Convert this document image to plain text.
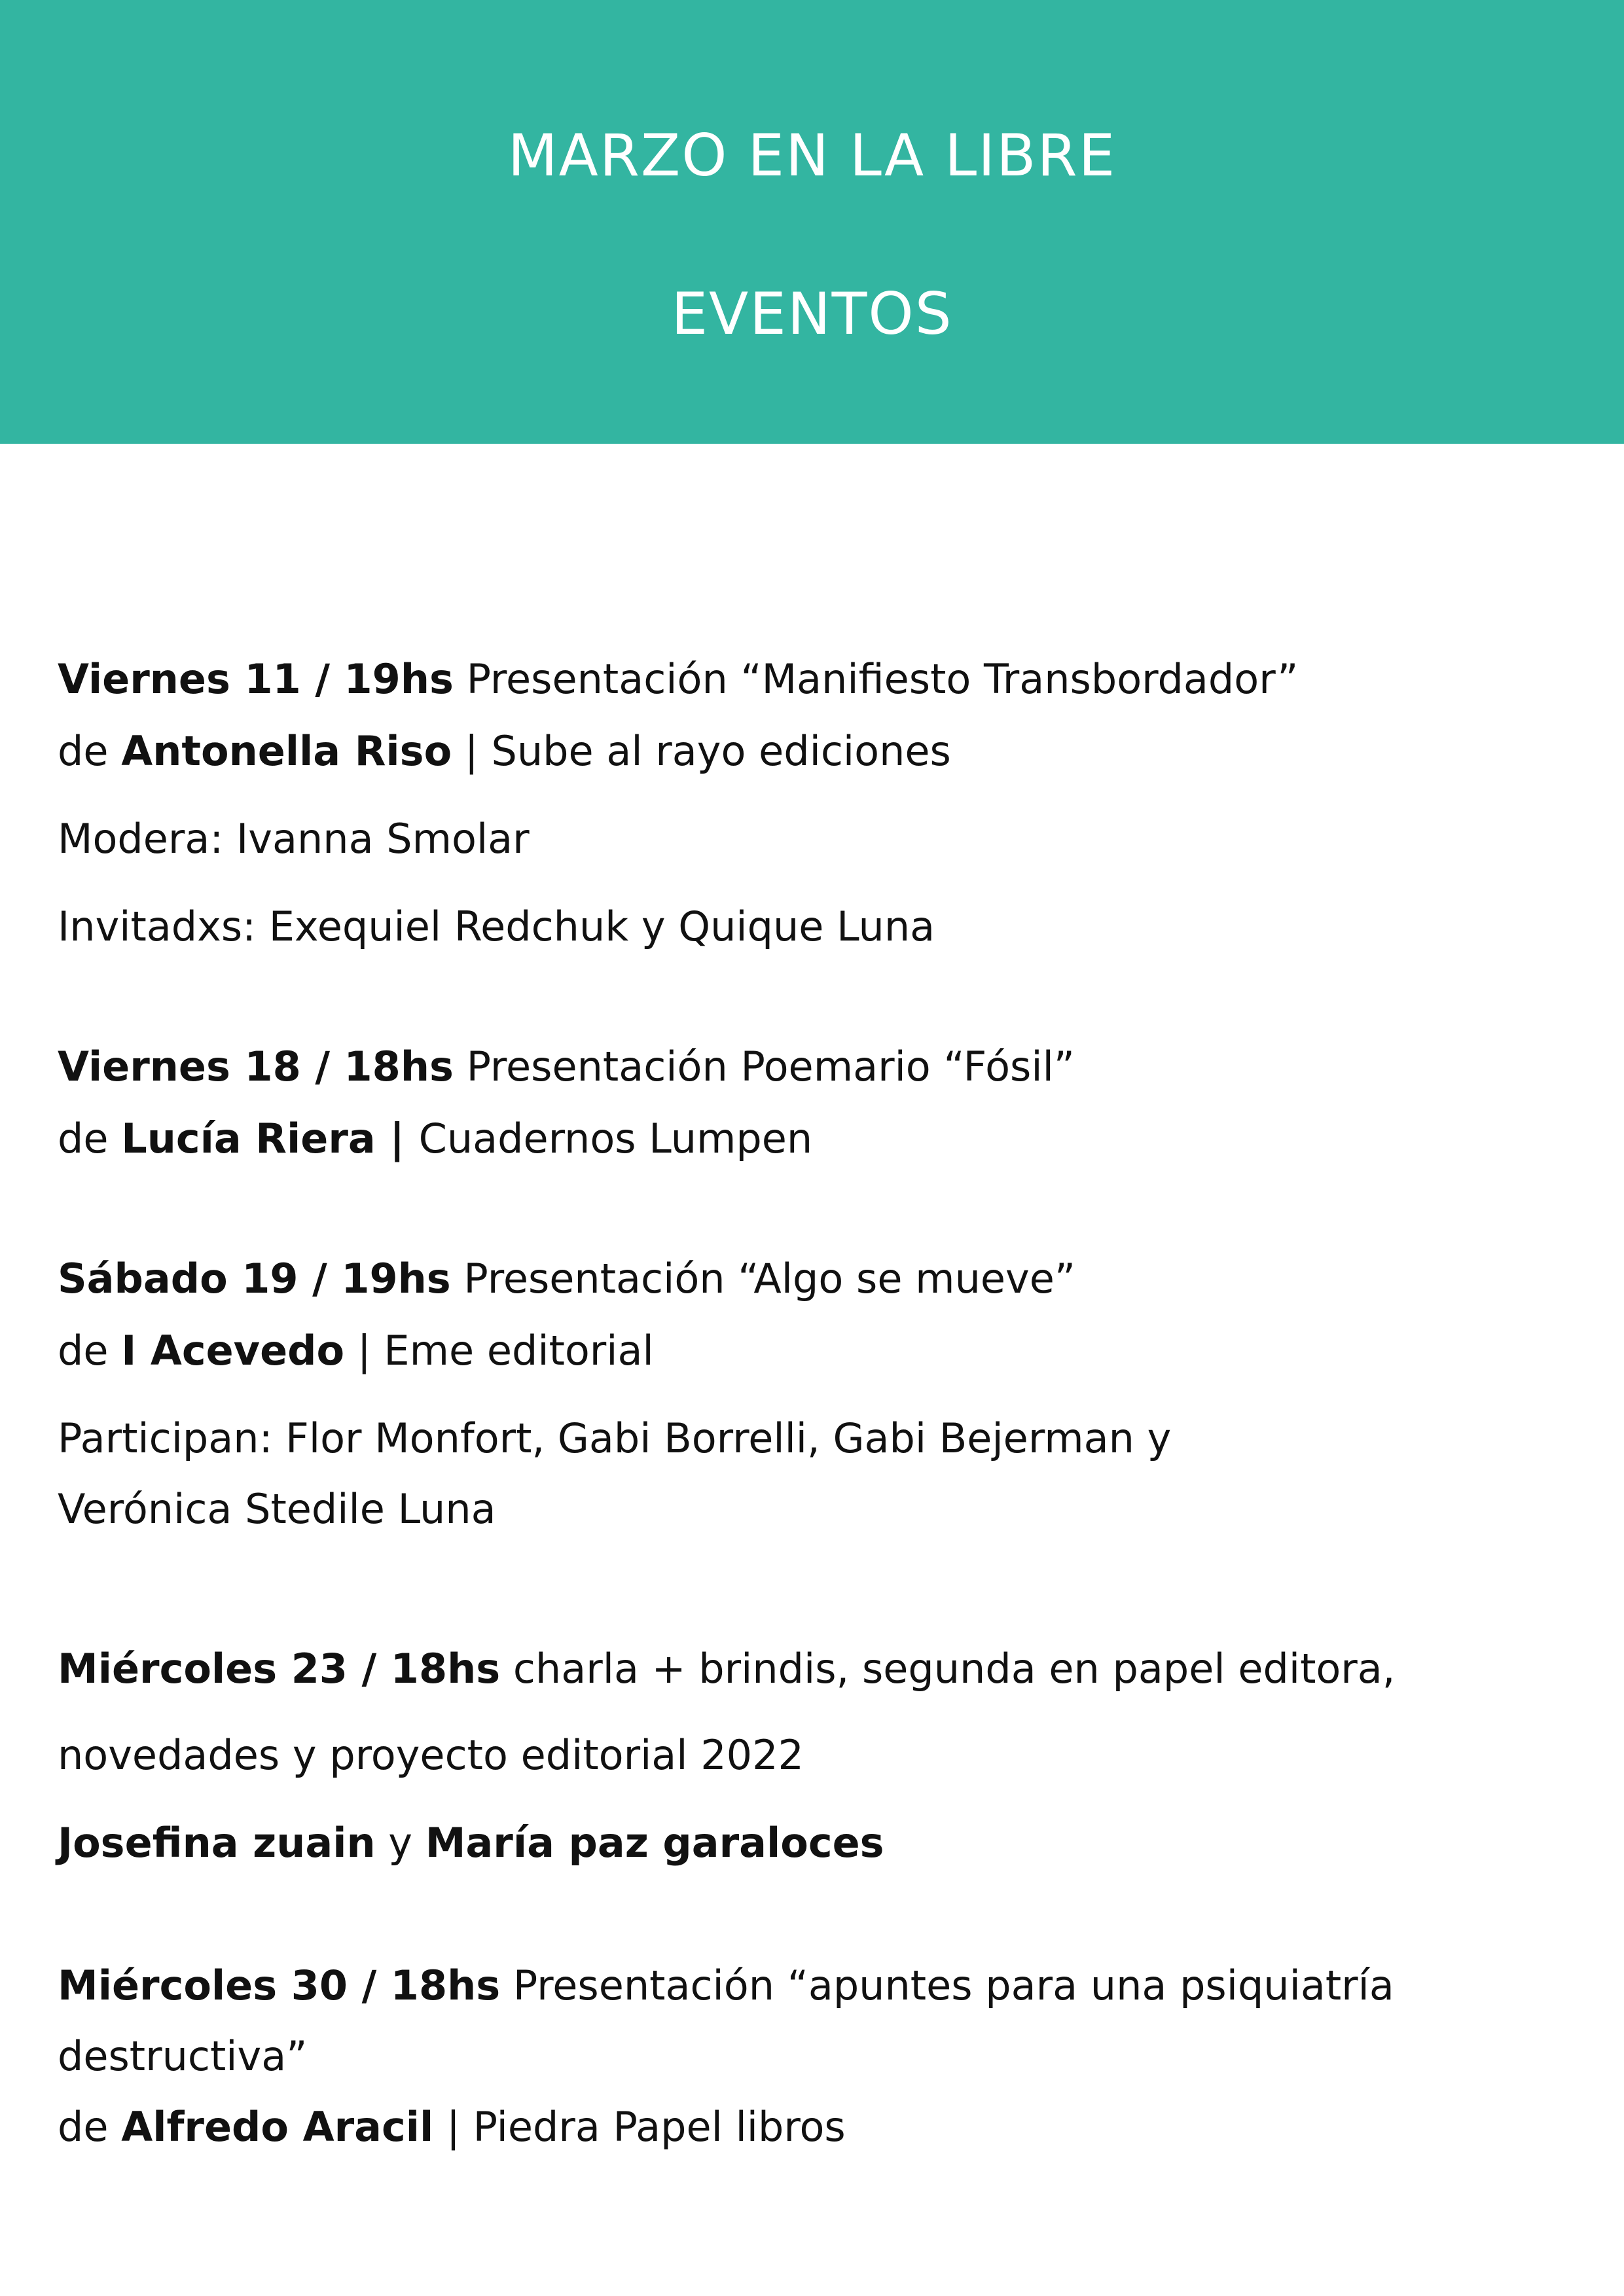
MARZO EN LA LIBRE
EVENTOS
Viernes 11 / 19hs Presentación “Manifiesto Transbordador”
de Antonella Riso | Sube al rayo ediciones
Modera: Ivanna Smolar
Invitadxs: Exequiel Redchuk y Quique Luna
Viernes 18 / 18hs Presentación Poemario “Fósil”
de Lucía Riera | Cuadernos Lumpen
Sábado 19 / 19hs Presentación “Algo se mueve”
de I Acevedo | Eme editorial
Participan: Flor Monfort, Gabi Borrelli, Gabi Bejerman y
Verónica Stedile Luna
Miércoles 23 / 18hs charla + brindis, segunda en papel editora,
novedades y proyecto editorial 2022
Josefina zuain y María paz garaloces
Miércoles 30 / 18hs Presentación “apuntes para una psiquiatría
destructiva”
de Alfredo Aracil | Piedra Papel libros
